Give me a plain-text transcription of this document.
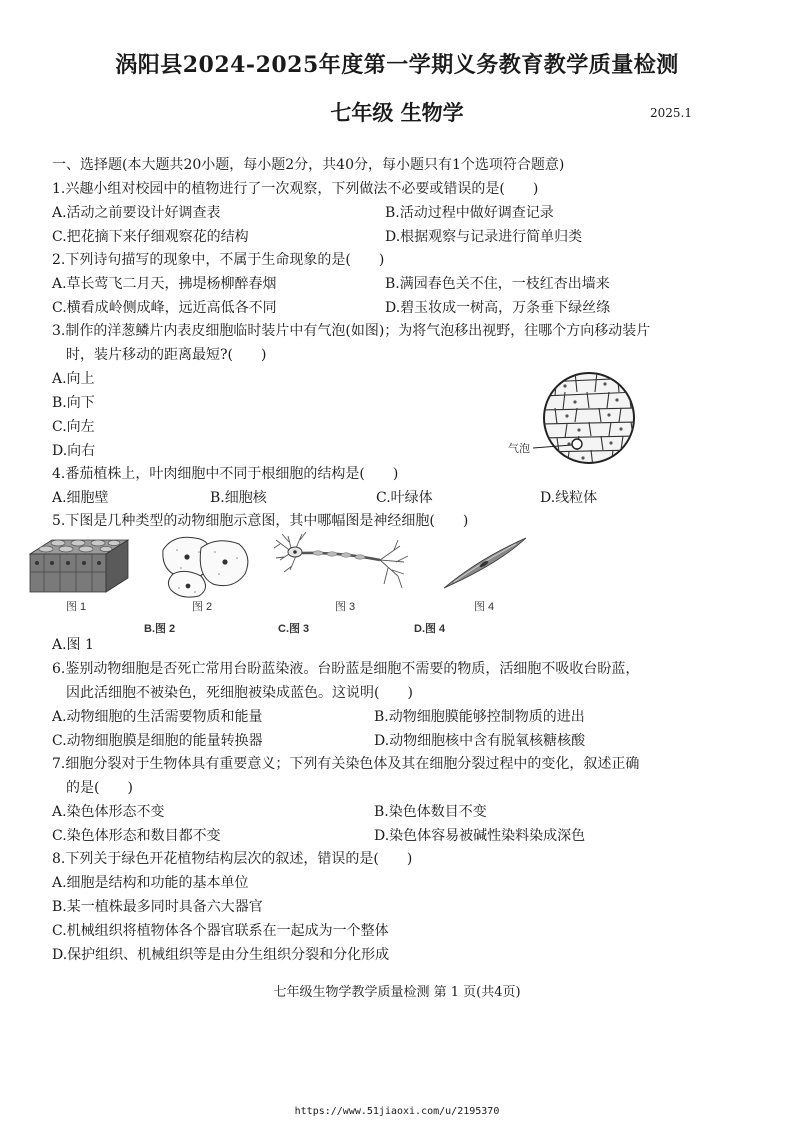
涡阳县2024-2025年度第一学期义务教育教学质量检测
七年级 生物学	2025.1
一、选择题(本大题共20小题，每小题2分，共40分，每小题只有1个选项符合题意)
1.兴趣小组对校园中的植物进行了一次观察，下列做法不必要或错误的是(　　)
A.活动之前要设计好调查表	B.活动过程中做好调查记录
C.把花摘下来仔细观察花的结构	D.根据观察与记录进行简单归类
2.下列诗句描写的现象中，不属于生命现象的是(　　)
A.草长莺飞二月天，拂堤杨柳醉春烟	B.满园春色关不住，一枝红杏出墙来
C.横看成岭侧成峰，远近高低各不同	D.碧玉妆成一树高，万条垂下绿丝绦
3.制作的洋葱鳞片内表皮细胞临时装片中有气泡(如图)；为将气泡移出视野，往哪个方向移动装片
时，装片移动的距离最短?(　　)
A.向上
B.向下
C.向左
D.向右	气泡
4.番茄植株上，叶肉细胞中不同于根细胞的结构是(　　)
A.细胞壁	B.细胞核	C.叶绿体	D.线粒体
5.下图是几种类型的动物细胞示意图，其中哪幅图是神经细胞(　　)
图 1	图 2	图 3	图 4
B.图 2	C.图 3	D.图 4
A.图 1
6.鉴别动物细胞是否死亡常用台盼蓝染液。台盼蓝是细胞不需要的物质，活细胞不吸收台盼蓝，
因此活细胞不被染色，死细胞被染成蓝色。这说明(　　)
A.动物细胞的生活需要物质和能量	B.动物细胞膜能够控制物质的进出
C.动物细胞膜是细胞的能量转换器	D.动物细胞核中含有脱氧核糖核酸
7.细胞分裂对于生物体具有重要意义；下列有关染色体及其在细胞分裂过程中的变化，叙述正确
的是(　　)
A.染色体形态不变	B.染色体数目不变
C.染色体形态和数目都不变	D.染色体容易被碱性染料染成深色
8.下列关于绿色开花植物结构层次的叙述，错误的是(　　)
A.细胞是结构和功能的基本单位
B.某一植株最多同时具备六大器官
C.机械组织将植物体各个器官联系在一起成为一个整体
D.保护组织、机械组织等是由分生组织分裂和分化形成
七年级生物学教学质量检测 第 1 页(共4页)
https://www.51jiaoxi.com/u/2195370
